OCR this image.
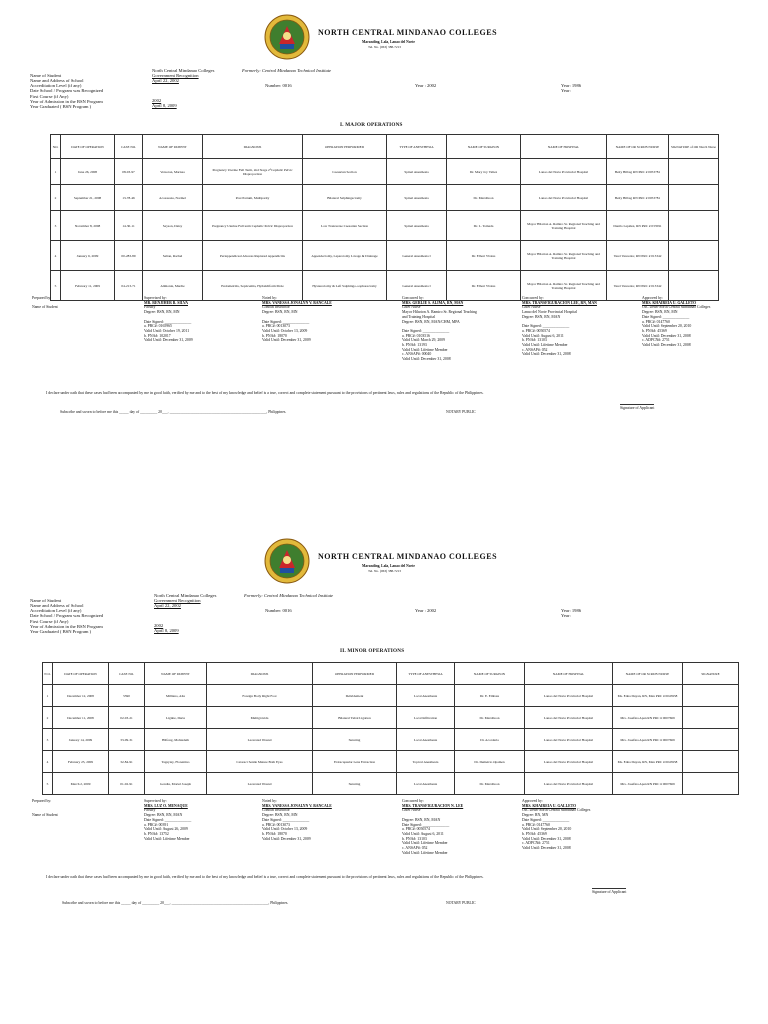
NORTH CENTRAL MINDANAO COLLEGES
Maranding, Lala, Lanao del Norte
Tel. No. (063) 388-7213

Name of Student
Name and Address of School
Accreditation Level (if any)
Date School / Program was Recognized
First Course (if Any)
Year of Admission in the BSN Program
Year Graduated ( BSN Program )

North Central Mindanao Colleges	Formerly: Central Mindanao Technical Institute
Government Recognition
April 22, 2002
Number: 0016	Year : 2002	Year: 1986
Year:
2002
April 8, 2009
I. MAJOR OPERATIONS
NO.	DATE OF OPERATION	CASE NO.	NAME OF PATIENT	DIAGNOSIS	OPERATION PERFORMED	TYPE OF ANESTHESIA	NAME OF SURGEON	NAME OF HOSPITAL	NAME OF OR SCRUB NURSE	SIGNATURE of OR Nurch Nurse
1	June 26, 2008	08-03-97	Versoton, Marissa	Pregnancy Uterine Full Term, 2nd Stage 2°Cephalic Pelvic Disproportion	Caesarian Section	Spinal Anesthesia	Dr. Mary Joy Valiez	Lanao del Norte Provincial Hospital	Betty Bilbag RN PRC # 0053781	
2	September 21, 2008	13-78-46	Acosasona, Normel	Post Partum, Multiparity	Bilateral Salphingectomy	Spinal Anesthesia	Dr. Marsilioon	Lanao del Norte Provincial Hospital	Betty Bilbag RN PRC # 0053781	
3	November 8, 2008	14-30-11	Sayson, Daisy	Pregnancy Uterine Full term Cephalic Pelvic Disproportion	Low Transverse Caesarian Section	Spinal Anesthesia	Dr. L. Tomada	Mayor Hilarion A. Ramiro Sr. Regional Teaching and Training Hospital	Danilo Lapidez, RN PRC # 033591	
4	January 6, 2009	00-283-89	Saltan, Rachel	Periappendiceal Abscess Ruptured Appendicitis	Appendectomy, Laparotomy Lavage & Drainage	General Anesthesia I	Dr. Elbert Vbalas	Mayor Hilarion A. Ramiro Sr. Regional Teaching and Training Hospital	Varel Vencedor, RN PRC # 013342	
5	February 11, 2009	04-213-71	Alimonia, Mardie	Endometritis, Septicemia, Hydatidiform Mole	Hysterectomy & Left Salphingo-oophorectomy	General Anesthesia I	Dr. Elbert Vbalas	Mayor Hilarion A. Ramiro Sr. Regional Teaching and Training Hospital	Varel Vencedor, RN PRC # 013342	
Prepared by:

Name of Student
Supervised by:
MR. RENJIHER B. SILVA
Faculty
Degree: BSN, RN, MN

Date Signed: ______________
a. PRC#: 0165965
Valid Until: October 19, 2011
b. PNA#: 102017
Valid Until: December 31, 2009
Noted by:
MRS. VANESSA JONALYN V. BANCALE
Clinical Instructor
Degree: BSN, RN, MN

Date Signed: ______________
a. PRC#: 0013073
Valid Until: October 13, 2009
b. PNA#: 18070
Valid Until: December 31, 2009
Concurred by:
MRS. GERLIE S. ALIMA, RN, MAN
Chief Nurse
Mayor Hilarion A. Ramiro Sr. Regional Teaching
and Training Hospital
Degree: BSN, RN, MAN/CHM, MPA

Date Signed: ______________
a. PRC#: 0103516
Valid Until: March 29, 2009
b. PNA#: 13193
Valid Until: Lifetime Member
c. ANSAP#: 00040
Valid Until: December 31, 2008
Concurred by:
MRS. TRANSFIGURACION LEE, RN, MAN
Chief Nurse
Lanao del Norte Provincial Hospital
Degree: BSN, RN, MAN

Date Signed: ______________
a. PRC#: 0050574
Valid Until: August 6, 2011
b. PNA#: 13103
Valid Until: Lifetime Member
c. ANSAP#: 052
Valid Until: December 31, 2008
Approved by:
MRS. KHAIREIA U. GALLETO
OIC Dean-North Central Mindanao Colleges
Degree: BSN, RN, MN
Date Signed: ______________
a. PRC#: 0147760
Valid Until: September 20, 2010
b. PNA#: 45369
Valid Until: December 31, 2008
c. ADPCN#: 2751
Valid Until: December 31, 2008
I declare under oath that these cases had been accompanied by me in good faith, verified by me and to the best of my knowledge and belief is a true, correct and complete statement pursuant to the provisions of pertinent laws, rules and regulations of the Republic of the Philippines.
Signature of Applicant
Subscribe and sworn to before me this _____ day of _________ 20___, ___________________________________________________, Philippines.	NOTARY PUBLIC
NORTH CENTRAL MINDANAO COLLEGES
Maranding, Lala, Lanao del Norte
Tel. No. (063) 388-7213

Name of Student
Name and Address of School
Accreditation Level (if any)
Date School / Program was Recognized
First Course (if Any)
Year of Admission in the BSN Program
Year Graduated ( BSN Program )

North Central Mindanao Colleges	Formerly: Central Mindanao Technical Institute
Government Recognition
April 22, 2002
Number: 0016	Year : 2002	Year: 1986
Year:
2002
April 8, 2009
II. MINOR OPERATIONS
N O.	DATE OF OPERATION	CASE NO.	NAME OF PATIENT	DIAGNOSIS	OPERATION PERFORMED	TYPE OF ANESTHESIA	NAME OF SURGEON	NAME OF HOSPITAL	NAME OF OR SCRUB NURSE	SIGNATURE
1	December 12, 2008	5390	Milliano, Alia	Foreign Body Right Foot	Debridement	Local Anesthesia	Dr. E. Embate	Lanao del Norte Provincial Hospital	Ms. Edna Duyan, RN, Man PRC # 0045958	
2	December 11, 2008	02-03-21	Lignite, Daria	Multigravida	Bilateral Tubal Ligation	Local Infiltration	Dr. Marsilioon	Lanao del Norte Provincial Hospital	Mrs. Josefina Apan RN PRC # 0007669	
3	January 14, 2009	33-09-31	Hilfong, Mohiadeth	Lacerated Wound	Suturing	Local Anesthesia	Dr. Acordaria	Lanao del Norte Provincial Hospital	Mrs. Josefina Apan RN PRC # 0007669	
4	February 23, 2009	32-84-91	Tagaytay, Florentino	Cataract Senile Mature Both Eyes	Extracapsular Lens Extraction	Topical Anesthesia	Dr. Demetrio Opamen	Lanao del Norte Provincial Hospital	Ms. Edna Duyan, RN, Man PRC # 0045958	
5	March 2, 2009	01-02-91	Gondia, Moriel Joseph	Lacerated Wound	Suturing	Local Anesthesia	Dr. Marsilioon	Lanao del Norte Provincial Hospital	Mrs. Josefina Apan RN PRC # 0007669	
Prepared by:

Name of Student
Supervised by:
MRS. LUZ O. MENAQUE
Faculty
Degree: BSN, RN, MAN
Date Signed: ______________
a. PRC#: 00391
Valid Until: August 26, 2009
b. PNA#: 13752
Valid Until: Lifetime Member
Noted by:
MRS. VANESSA JONALYN V. BANCALE
Clinical Instructor
Degree: BSN, RN, MN
Date Signed: ______________
a. PRC#: 0013073
Valid Until: October 13, 2009
b. PNA#: 18070
Valid Until: December 31, 2009
Concurred by:
MRS. TRANSFIGURACION N. LEE
Chief Nurse

Degree: BSN, RN, MAN
Date Signed: ______________
a. PRC#: 0050574
Valid Until: August 6, 2011
b. PNA#: 13103
Valid Until: Lifetime Member
c. ANSAP#: 052
Valid Until: Lifetime Member
Approved by:
MRS. KHAIREIA U. GALLETO
OIC Dean-North Central Mindanao Colleges
Degree: RN, MN
Date Signed: ______________
a. PRC#: 0147760
Valid Until: September 20, 2010
b. PNA#: 45369
Valid Until: December 31, 2008
c. ADPCN#: 2751
Valid Until: December 31, 2008
I declare under oath that these cases had been accompanied by me in good faith, verified by me and to the best of my knowledge and belief is a true, correct and complete statement pursuant to the provisions of pertinent laws, rules and regulations of the Republic of the Philippines.
Signature of Applicant
Subscribe and sworn to before me this _____ day of _________ 20___, ___________________________________________________, Philippines.	NOTARY PUBLIC
